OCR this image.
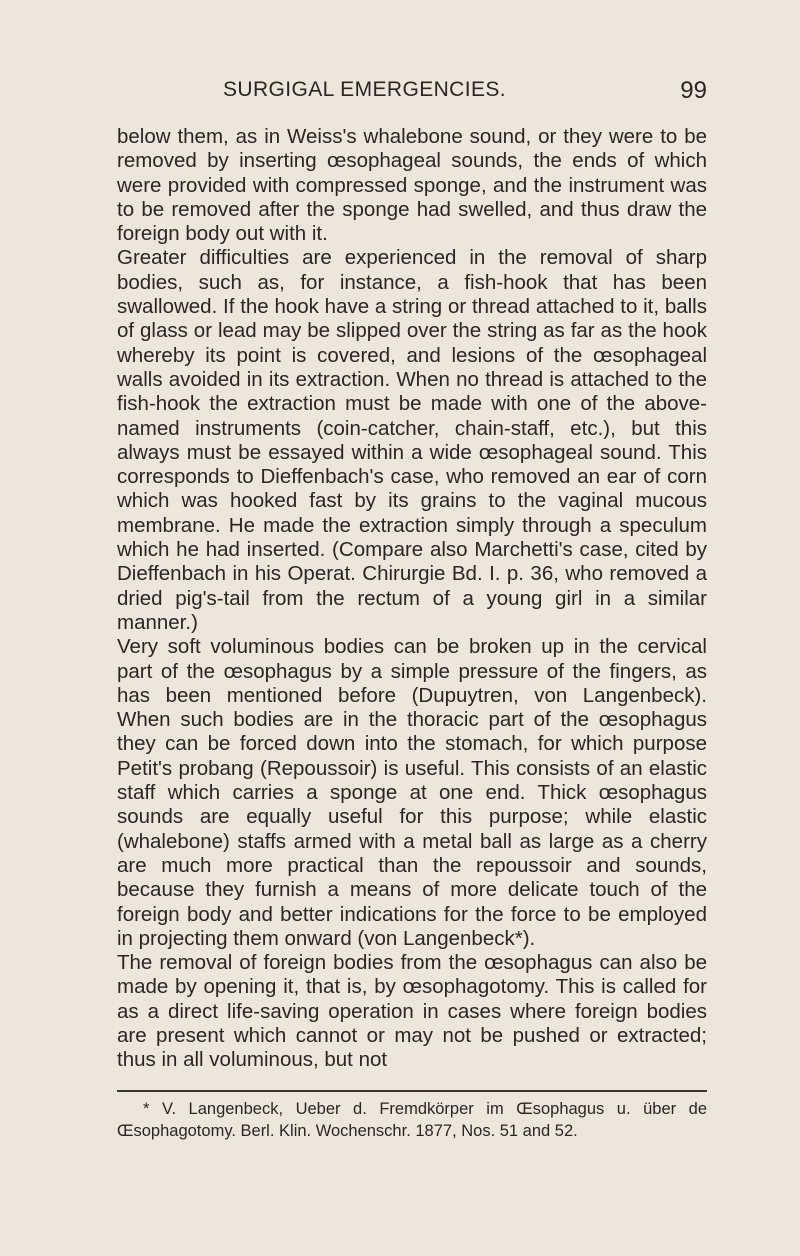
SURGIGAL EMERGENCIES.	99

below them, as in Weiss's whalebone sound, or they were to be removed by inserting œsophageal sounds, the ends of which were provided with compressed sponge, and the instrument was to be removed after the sponge had swelled, and thus draw the foreign body out with it.

Greater difficulties are experienced in the removal of sharp bodies, such as, for instance, a fish-hook that has been swallowed. If the hook have a string or thread attached to it, balls of glass or lead may be slipped over the string as far as the hook whereby its point is covered, and lesions of the œsophageal walls avoided in its extraction. When no thread is attached to the fish-hook the extraction must be made with one of the above-named instruments (coin-catcher, chain-staff, etc.), but this always must be essayed within a wide œsophageal sound. This corresponds to Dieffenbach's case, who removed an ear of corn which was hooked fast by its grains to the vaginal mucous membrane. He made the extraction simply through a speculum which he had inserted. (Compare also Marchetti's case, cited by Dieffenbach in his Operat. Chirurgie Bd. I. p. 36, who removed a dried pig's-tail from the rectum of a young girl in a similar manner.)

Very soft voluminous bodies can be broken up in the cervical part of the œsophagus by a simple pressure of the fingers, as has been mentioned before (Dupuytren, von Langenbeck). When such bodies are in the thoracic part of the œsophagus they can be forced down into the stomach, for which purpose Petit's probang (Repoussoir) is useful. This consists of an elastic staff which carries a sponge at one end. Thick œsophagus sounds are equally useful for this purpose; while elastic (whalebone) staffs armed with a metal ball as large as a cherry are much more practical than the repoussoir and sounds, because they furnish a means of more delicate touch of the foreign body and better indications for the force to be employed in projecting them onward (von Langenbeck*).

The removal of foreign bodies from the œsophagus can also be made by opening it, that is, by œsophagotomy. This is called for as a direct life-saving operation in cases where foreign bodies are present which cannot or may not be pushed or extracted; thus in all voluminous, but not

* V. Langenbeck, Ueber d. Fremdkörper im Œsophagus u. über de Œsophagotomy. Berl. Klin. Wochenschr. 1877, Nos. 51 and 52.
